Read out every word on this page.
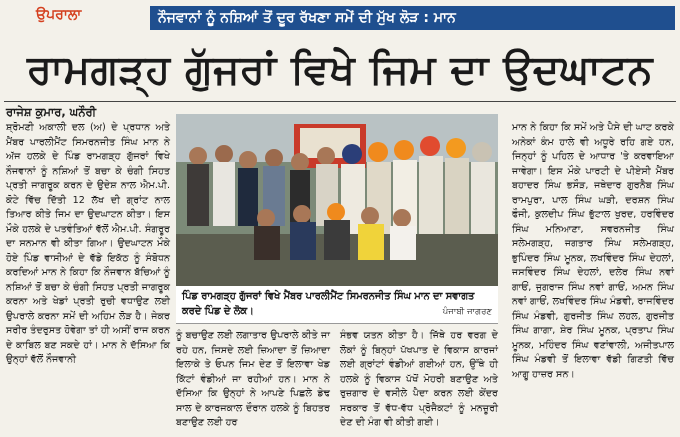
ਉਪਰਾਲਾ	ਨੌਜਵਾਨਾਂ ਨੂੰ ਨਸ਼ਿਆਂ ਤੋਂ ਦੂਰ ਰੱਖਣਾ ਸਮੇਂ ਦੀ ਮੁੱਖ ਲੋੜ : ਮਾਨ
ਰਾਮਗੜ੍ਹ ਗੁੱਜਰਾਂ ਵਿਖੇ ਜਿਮ ਦਾ ਉਦਘਾਟਨ
ਰਾਜੇਸ਼ ਕੁਮਾਰ, ਘਨੌਰੀ

ਸ਼੍ਰੋਮਣੀ ਅਕਾਲੀ ਦਲ (ਅ) ਦੇ ਪ੍ਰਧਾਨ ਅਤੇ ਮੈਂਬਰ ਪਾਰਲੀਮੈਂਟ ਸਿਮਰਨਜੀਤ ਸਿੰਘ ਮਾਨ ਨੇ ਅੱਜ ਹਲਕੇ ਦੇ ਪਿੰਡ ਰਾਮਗੜ੍ਹ ਗੁੱਜਰਾਂ ਵਿਖੇ ਨੌਜਵਾਨਾਂ ਨੂੰ ਨਸ਼ਿਆਂ ਤੋਂ ਬਚਾ ਕੇ ਚੰਗੀ ਸਿਹਤ ਪ੍ਰਤੀ ਜਾਗਰੂਕ ਕਰਨ ਦੇ ਉਦੇਸ਼ ਨਾਲ ਐਮ.ਪੀ. ਕੋਟੇ ਵਿੱਚ ਦਿੱਤੀ 12 ਲੱਖ ਦੀ ਗ੍ਰਾਂਟ ਨਾਲ ਤਿਆਰ ਕੀਤੇ ਜਿਮ ਦਾ ਉਦਘਾਟਨ ਕੀਤਾ। ਇਸ ਮੌਕੇ ਹਲਕੇ ਦੇ ਪਤਵੰਤਿਆਂ ਵੱਲੋਂ ਐਮ.ਪੀ. ਸੰਗਰੂਰ ਦਾ ਸਨਮਾਨ ਵੀ ਕੀਤਾ ਗਿਆ। ਉਦਘਾਟਨ ਮੌਕੇ ਹੋਏ ਪਿੰਡ ਵਾਸੀਆਂ ਦੇ ਵੱਡੇ ਇਕੱਠ ਨੂੰ ਸੰਬੋਧਨ ਕਰਦਿਆਂ ਮਾਨ ਨੇ ਕਿਹਾ ਕਿ ਨੌਜਵਾਨ ਬੱਚਿਆਂ ਨੂੰ ਨਸ਼ਿਆਂ ਤੋਂ ਬਚਾ ਕੇ ਚੰਗੀ ਸਿਹਤ ਪ੍ਰਤੀ ਜਾਗਰੂਕ ਕਰਨਾ ਅਤੇ ਖੇਡਾਂ ਪ੍ਰਤੀ ਰੁਚੀ ਵਧਾਉਣ ਲਈ ਉਪਰਾਲੇ ਕਰਨਾ ਸਮੇਂ ਦੀ ਅਹਿਮ ਲੋੜ ਹੈ। ਜੇਕਰ ਸਰੀਰ ਤੰਦਰੁਸਤ ਹੋਵੇਗਾ ਤਾਂ ਹੀ ਅਸੀਂ ਰਾਜ ਕਰਨ ਦੇ ਕਾਬਿਲ ਬਣ ਸਕਦੇ ਹਾਂ। ਮਾਨ ਨੇ ਦੱਸਿਆ ਕਿ ਉਨ੍ਹਾਂ ਵੱਲੋਂ ਨੌਜਵਾਨੀ

ਪਿੰਡ ਰਾਮਗੜ੍ਹ ਗੁੱਜਰਾਂ ਵਿਖੇ ਮੈਂਬਰ ਪਾਰਲੀਮੈਂਟ ਸਿਮਰਨਜੀਤ ਸਿੰਘ ਮਾਨ ਦਾ ਸਵਾਗਤ ਕਰਦੇ ਪਿੰਡ ਦੇ ਲੋਕ।	ਪੰਜਾਬੀ ਜਾਗਰਣ

ਨੂੰ ਬਚਾਉਣ ਲਈ ਲਗਾਤਾਰ ਉਪਰਾਲੇ ਕੀਤੇ ਜਾ ਰਹੇ ਹਨ, ਜਿਸਦੇ ਲਈ ਜ਼ਿਆਦਾ ਤੋਂ ਜ਼ਿਆਦਾ ਇਲਾਕੇ ਤੇ ਓਪਨ ਜਿਮ ਦੇਣ ਤੋਂ ਇਲਾਵਾ ਖੇਡ ਕਿੱਟਾਂ ਵੰਡੀਆਂ ਜਾ ਰਹੀਆਂ ਹਨ। ਮਾਨ ਨੇ ਦੱਸਿਆ ਕਿ ਉਨ੍ਹਾਂ ਨੇ ਆਪਣੇ ਪਿਛਲੇ ਡੇਢ ਸਾਲ ਦੇ ਕਾਰਜਕਾਲ ਦੌਰਾਨ ਹਲਕੇ ਨੂੰ ਬਿਹਤਰ ਬਣਾਉਣ ਲਈ ਹਰ

ਸੰਭਵ ਯਤਨ ਕੀਤਾ ਹੈ। ਜਿੱਥੇ ਹਰ ਵਰਗ ਦੇ ਲੋਕਾਂ ਨੂੰ ਬਿਨ੍ਹਾਂ ਪੱਖਪਾਤ ਦੇ ਵਿਕਾਸ ਕਾਰਜਾਂ ਲਈ ਗ੍ਰਾਂਟਾਂ ਵੰਡੀਆਂ ਗਈਆਂ ਹਨ, ਉੱਥੇ ਹੀ ਹਲਕੇ ਨੂੰ ਵਿਕਾਸ ਪੱਖੋਂ ਮੋਹਰੀ ਬਣਾਉਣ ਅਤੇ ਰੁਜ਼ਗਾਰ ਦੇ ਵਸੀਲੇ ਪੈਦਾ ਕਰਨ ਲਈ ਕੇਂਦਰ ਸਰਕਾਰ ਤੋਂ ਵੱਧ-ਵੱਧ ਪ੍ਰੋਜੈਕਟਾਂ ਨੂੰ ਮਨਜ਼ੂਰੀ ਦੇਣ ਦੀ ਮੰਗ ਵੀ ਕੀਤੀ ਗਈ।

ਮਾਨ ਨੇ ਕਿਹਾ ਕਿ ਸਮੇਂ ਅਤੇ ਪੈਸੇ ਦੀ ਘਾਟ ਕਰਕੇ ਅਨੇਕਾਂ ਕੰਮ ਹਾਲੇ ਵੀ ਅਧੂਰੇ ਰਹਿ ਗਏ ਹਨ, ਜਿਨ੍ਹਾਂ ਨੂੰ ਪਹਿਲ ਦੇ ਆਧਾਰ 'ਤੇ ਕਰਵਾਇਆ ਜਾਵੇਗਾ। ਇਸ ਮੌਕੇ ਪਾਰਟੀ ਦੇ ਪੀਏਸੀ ਮੈਂਬਰ ਬਹਾਦਰ ਸਿੰਘ ਭਸੌੜ, ਜਥੇਦਾਰ ਗੁਰਨੈਬ ਸਿੰਘ ਰਾਮਪੁਰਾ, ਪਾਲ ਸਿੰਘ ਘੜੀ, ਦਰਸ਼ਨ ਸਿੰਘ ਫੌਜੀ, ਕੁਲਦੀਪ ਸਿੰਘ ਭੁੱਟਾਲ ਖੁਰਦ, ਹਰਵਿੰਦਰ ਸਿੰਘ ਮਨਿਆਣਾ, ਸਵਰਨਜੀਤ ਸਿੰਘ ਸਲੇਮਗੜ੍ਹ, ਜਗਤਾਰ ਸਿੰਘ ਸਲੇਮਗੜ੍ਹ, ਭੁਪਿੰਦਰ ਸਿੰਘ ਮੂਨਕ, ਲਖਵਿੰਦਰ ਸਿੰਘ ਦੇਹਲਾਂ, ਜਸਵਿੰਦਰ ਸਿੰਘ ਦੇਹਲਾਂ, ਦਲੇਰ ਸਿੰਘ ਨਵਾਂ ਗਾਓਂ, ਜੁਗਰਾਜ ਸਿੰਘ ਨਵਾਂ ਗਾਓਂ, ਅਮਨ ਸਿੰਘ ਨਵਾਂ ਗਾਓਂ, ਲਖਵਿੰਦਰ ਸਿੰਘ ਮੰਡਵੀ, ਰਾਜਵਿੰਦਰ ਸਿੰਘ ਮੰਡਵੀ, ਗੁਰਜੀਤ ਸਿੰਘ ਲਹਲ, ਗੁਰਜੀਤ ਸਿੰਘ ਗਾਗਾ, ਸ਼ੇਰ ਸਿੰਘ ਮੂਨਕ, ਪ੍ਰਤਾਪ ਸਿੰਘ ਮੂਨਕ, ਮਹਿੰਦਰ ਸਿੰਘ ਵਣਾਂਵਾਲੀ, ਅਜੀਤਪਾਲ ਸਿੰਘ ਮੰਡਵੀ ਤੋਂ ਇਲਾਵਾ ਵੱਡੀ ਗਿਣਤੀ ਵਿੱਚ ਆਗੂ ਹਾਜ਼ਰ ਸਨ।
